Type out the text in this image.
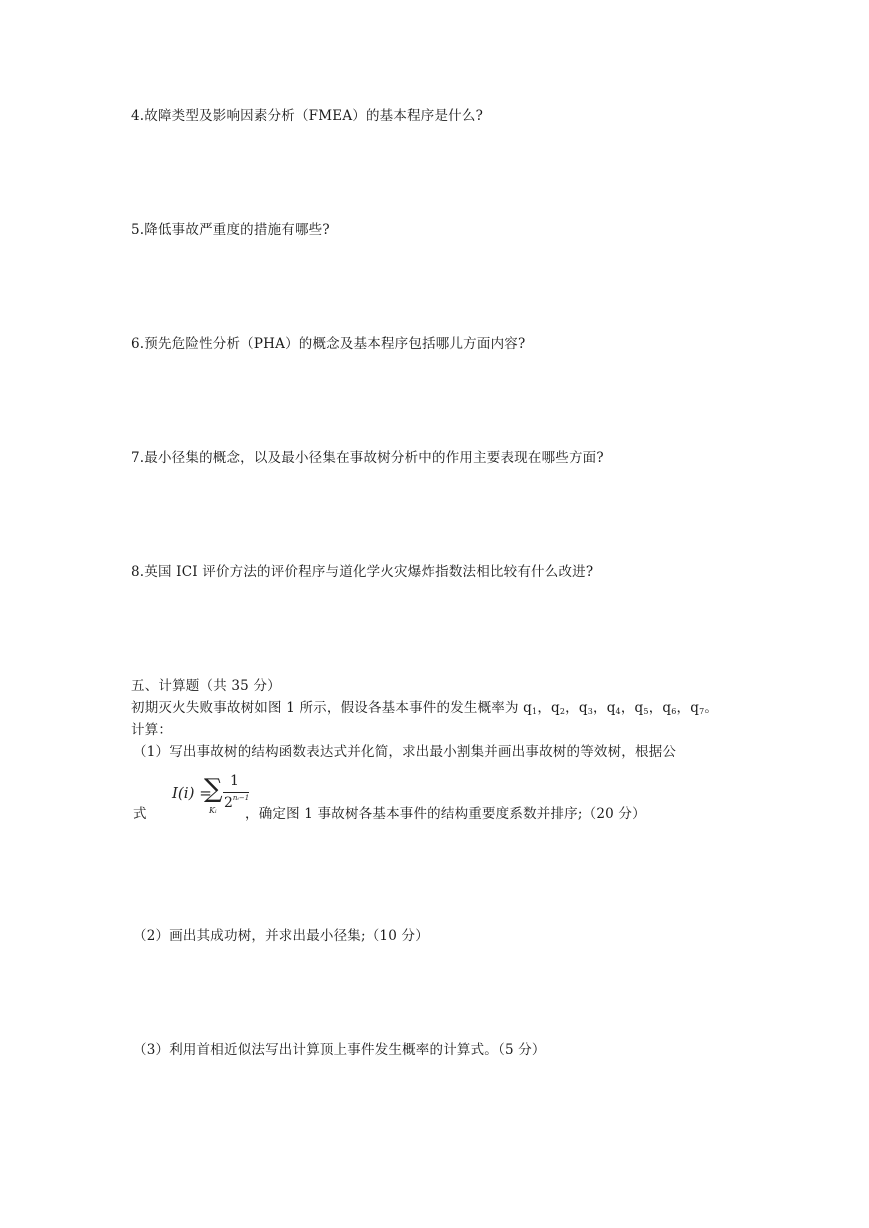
4.故障类型及影响因素分析（FMEA）的基本程序是什么?
5.降低事故严重度的措施有哪些?
6.预先危险性分析（PHA）的概念及基本程序包括哪儿方面内容?
7.最小径集的概念，以及最小径集在事故树分析中的作用主要表现在哪些方面?
8.英国 ICI 评价方法的评价程序与道化学火灾爆炸指数法相比较有什么改进?
五、计算题（共 35 分）
初期灭火失败事故树如图 1 所示，假设各基本事件的发生概率为 $q_1$，$q_2$，$q_3$，$q_4$，$q_5$，$q_6$，$q_7$。
计算：
（1）写出事故树的结构函数表达式并化简，求出最小割集并画出事故树的等效树，根据公
I(i) =
∑
Kᵢ
1
$2^{nᵢ-1}$
式	，确定图 1 事故树各基本事件的结构重要度系数并排序;（20 分）
（2）画出其成功树，并求出最小径集;（10 分）
（3）利用首相近似法写出计算顶上事件发生概率的计算式。（5 分）
